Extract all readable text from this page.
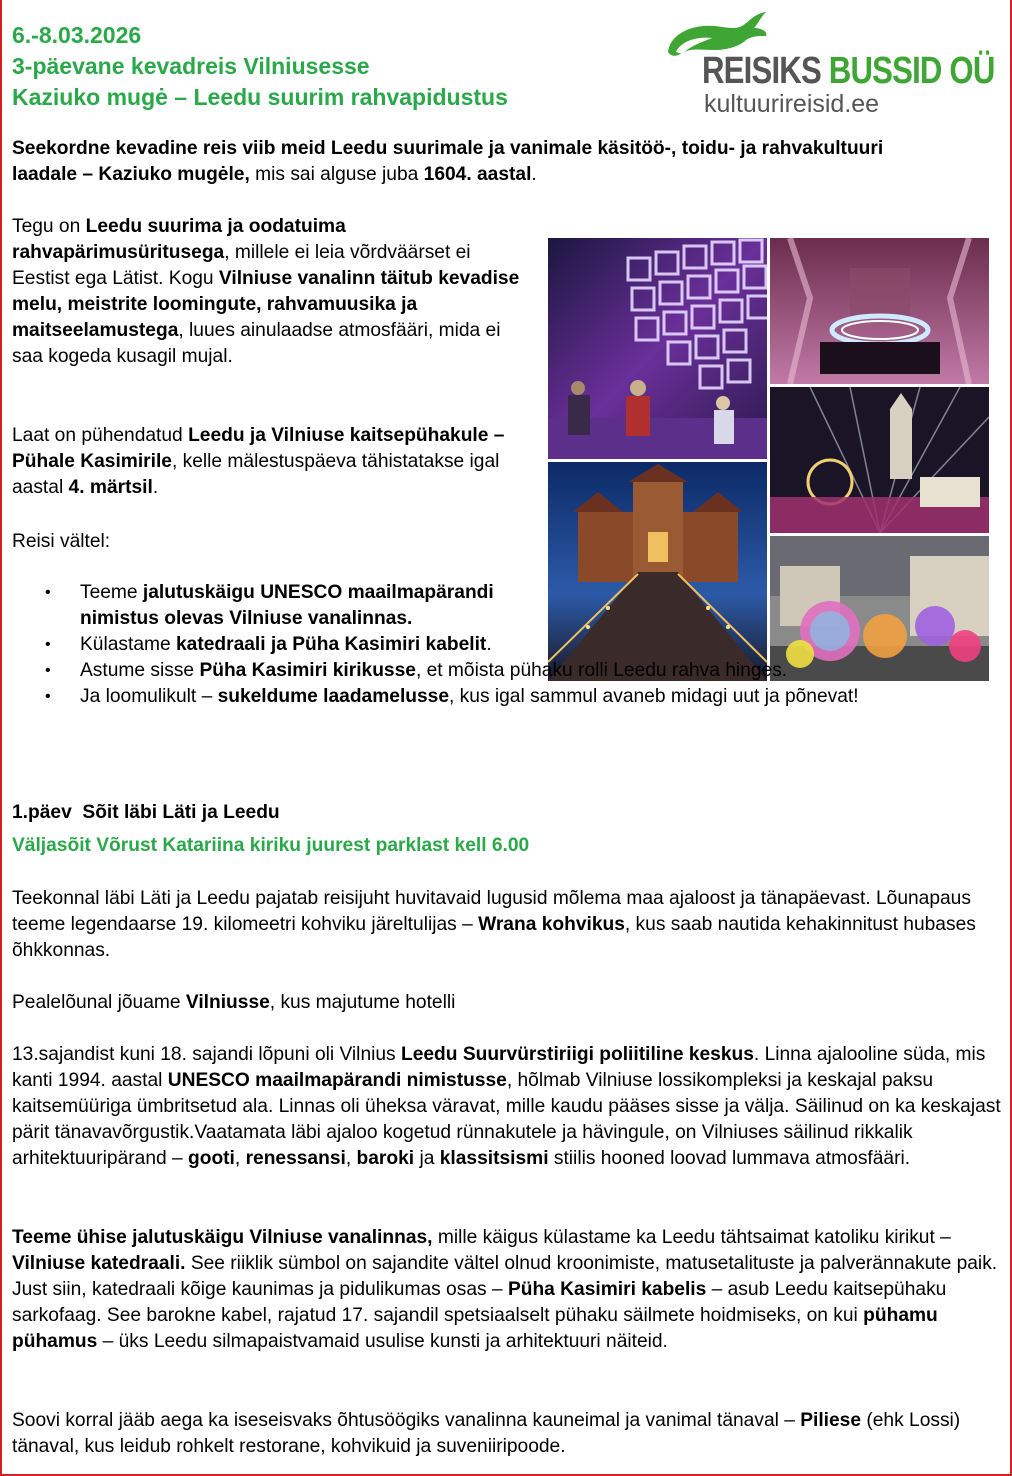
6.-8.03.2026
3-päevane kevadreis Vilniusesse
Kaziuko mugė – Leedu suurim rahvapidustus
REISIKS BUSSID OÜ
kultuurireisid.ee
Seekordne kevadine reis viib meid Leedu suurimale ja vanimale käsitöö-, toidu- ja rahvakultuuri laadale – Kaziuko mugėle, mis sai alguse juba 1604. aastal.
Tegu on Leedu suurima ja oodatuima rahvapärimusüritusega, millele ei leia võrdväärset ei Eestist ega Lätist. Kogu Vilniuse vanalinn täitub kevadise melu, meistrite loomingute, rahvamuusika ja maitseelamustega, luues ainulaadse atmosfääri, mida ei saa kogeda kusagil mujal.
Laat on pühendatud Leedu ja Vilniuse kaitsepühakule – Pühale Kasimirile, kelle mälestuspäeva tähistatakse igal aastal 4. märtsil.
Reisi vältel:
• Teeme jalutuskäigu UNESCO maailmapärandi nimistus olevas Vilniuse vanalinnas.
• Külastame katedraali ja Püha Kasimiri kabelit.
• Astume sisse Püha Kasimiri kirikusse, et mõista pühaku rolli Leedu rahva hinges.
• Ja loomulikult – sukeldume laadamelusse, kus igal sammul avaneb midagi uut ja põnevat!
1.päev  Sõit läbi Läti ja Leedu
Väljasõit Võrust Katariina kiriku juurest parklast kell 6.00
Teekonnal läbi Läti ja Leedu pajatab reisijuht huvitavaid lugusid mõlema maa ajaloost ja tänapäevast. Lõunapaus teeme legendaarse 19. kilomeetri kohviku järeltulijas – Wrana kohvikus, kus saab nautida kehakinnitust hubases õhkkonnas.
Pealelõunal jõuame Vilniusse, kus majutume hotelli
13.sajandist kuni 18. sajandi lõpuni oli Vilnius Leedu Suurvürstiriigi poliitiline keskus. Linna ajalooline süda, mis kanti 1994. aastal UNESCO maailmapärandi nimistusse, hõlmab Vilniuse lossikompleksi ja keskajal paksu kaitsemüüriga ümbritsetud ala. Linnas oli üheksa väravat, mille kaudu pääses sisse ja välja. Säilinud on ka keskajast pärit tänavavõrgustik.Vaatamata läbi ajaloo kogetud rünnakutele ja hävingule, on Vilniuses säilinud rikkalik arhitektuuripärand – gooti, renessansi, baroki ja klassitsismi stiilis hooned loovad lummava atmosfääri.
Teeme ühise jalutuskäigu Vilniuse vanalinnas, mille käigus külastame ka Leedu tähtsaimat katoliku kirikut – Vilniuse katedraali. See riiklik sümbol on sajandite vältel olnud kroonimiste, matusetalituste ja palverännakute paik. Just siin, katedraali kõige kaunimas ja pidulikumas osas – Püha Kasimiri kabelis – asub Leedu kaitsepühaku sarkofaag. See barokne kabel, rajatud 17. sajandil spetsiaalselt pühaku säilmete hoidmiseks, on kui pühamu pühamus – üks Leedu silmapaistvamaid usulise kunsti ja arhitektuuri näiteid.
Soovi korral jääb aega ka iseseisvaks õhtusöögiks vanalinna kauneimal ja vanimal tänaval – Piliese (ehk Lossi) tänaval, kus leidub rohkelt restorane, kohvikuid ja suveniiripoode.
